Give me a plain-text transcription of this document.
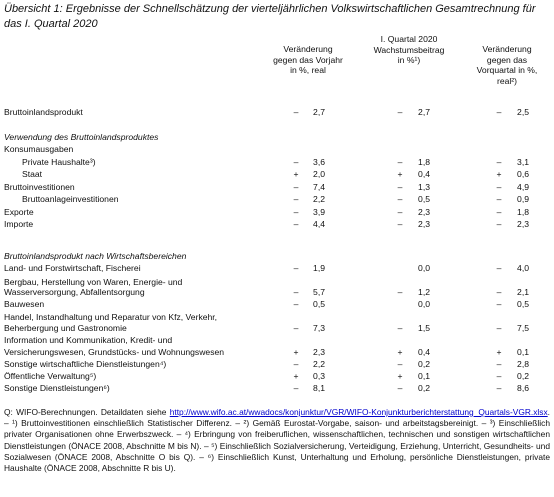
Übersicht 1: Ergebnisse der Schnellschätzung der vierteljährlichen Volkswirtschaftlichen Gesamtrechnung für das I. Quartal 2020
Veränderung
gegen das Vorjahr
in %, real
I. Quartal 2020
Wachstumsbeitrag
in %¹)
Veränderung
gegen das
Vorquartal in %,
real²)
Bruttoinlandsprodukt	–	2,7	–	2,7	–	2,5
Verwendung des Bruttoinlandsproduktes
Konsumausgaben
Private Haushalte³)	–	3,6	–	1,8	–	3,1
Staat	+	2,0	+	0,4	+	0,6
Bruttoinvestitionen	–	7,4	–	1,3	–	4,9
Bruttoanlageinvestitionen	–	2,2	–	0,5	–	0,9
Exporte	–	3,9	–	2,3	–	1,8
Importe	–	4,4	–	2,3	–	2,3
Bruttoinlandsprodukt nach Wirtschaftsbereichen
Land- und Forstwirtschaft, Fischerei	–	1,9	0,0	–	4,0
Bergbau, Herstellung von Waren, Energie- und
Wasserversorgung, Abfallentsorgung	–	5,7	–	1,2	–	2,1
Bauwesen	–	0,5	0,0	–	0,5
Handel, Instandhaltung und Reparatur von Kfz, Verkehr,
Beherbergung und Gastronomie	–	7,3	–	1,5	–	7,5
Information und Kommunikation, Kredit- und
Versicherungswesen, Grundstücks- und Wohnungswesen	+	2,3	+	0,4	+	0,1
Sonstige wirtschaftliche Dienstleistungen⁴)	–	2,2	–	0,2	–	2,8
Öffentliche Verwaltung⁵)	+	0,3	+	0,1	–	0,2
Sonstige Dienstleistungen⁶)	–	8,1	–	0,2	–	8,6
Q: WIFO-Berechnungen. Detaildaten siehe http://www.wifo.ac.at/wwadocs/konjunktur/VGR/WIFO-Konjunkturberichterstattung_Quartals-VGR.xlsx. – ¹) Bruttoinvestitionen einschließlich Statistischer Differenz. – ²) Gemäß Eurostat-Vorgabe, saison- und arbeitstagsbereinigt. – ³) Einschließlich privater Organisationen ohne Erwerbszweck. – ⁴) Erbringung von freiberuflichen, wissenschaftlichen, technischen und sonstigen wirtschaftlichen Dienstleistungen (ÖNACE 2008, Abschnitte M bis N). – ⁵) Einschließlich Sozialversicherung, Verteidigung, Erziehung, Unterricht, Gesundheits- und Sozialwesen (ÖNACE 2008, Abschnitte O bis Q). – ⁶) Einschließlich Kunst, Unterhaltung und Erholung, persönliche Dienstleistungen, private Haushalte (ÖNACE 2008, Abschnitte R bis U).
